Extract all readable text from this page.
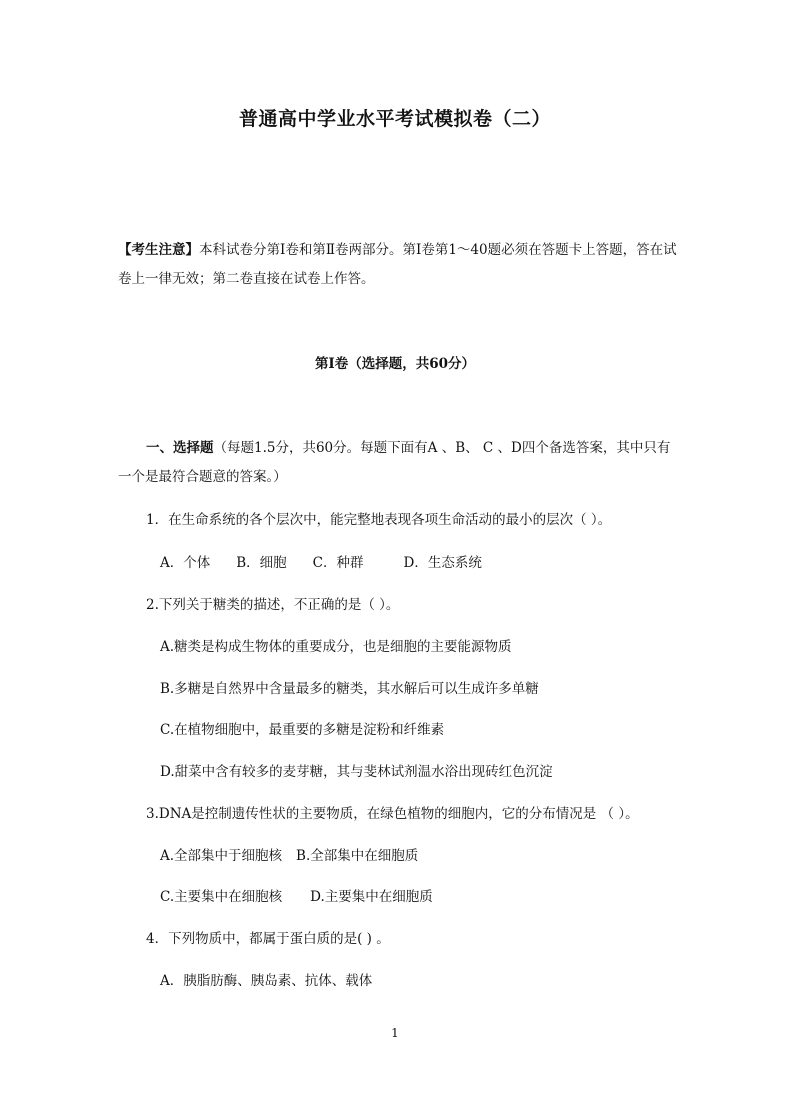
普通高中学业水平考试模拟卷（二）
【考生注意】本科试卷分第Ⅰ卷和第Ⅱ卷两部分。第Ⅰ卷第1～40题必须在答题卡上答题，答在试卷上一律无效；第二卷直接在试卷上作答。
第Ⅰ卷（选择题，共60分）
一、选择题（每题1.5分，共60分。每题下面有A 、B、 C 、D四个备选答案，其中只有一个是最符合题意的答案。）
1．在生命系统的各个层次中，能完整地表现各项生命活动的最小的层次（ ）。
A．个体 B．细胞 C．种群	D．生态系统
2.下列关于糖类的描述，不正确的是（ ）。
A.糖类是构成生物体的重要成分，也是细胞的主要能源物质
B.多糖是自然界中含量最多的糖类，其水解后可以生成许多单糖
C.在植物细胞中，最重要的多糖是淀粉和纤维素
D.甜菜中含有较多的麦芽糖，其与斐林试剂温水浴出现砖红色沉淀
3.DNA是控制遗传性状的主要物质，在绿色植物的细胞内，它的分布情况是 （ ）。
A.全部集中于细胞核 B.全部集中在细胞质
C.主要集中在细胞核 D.主要集中在细胞质
4．下列物质中，都属于蛋白质的是( ) 。
A．胰脂肪酶、胰岛素、抗体、载体
1
